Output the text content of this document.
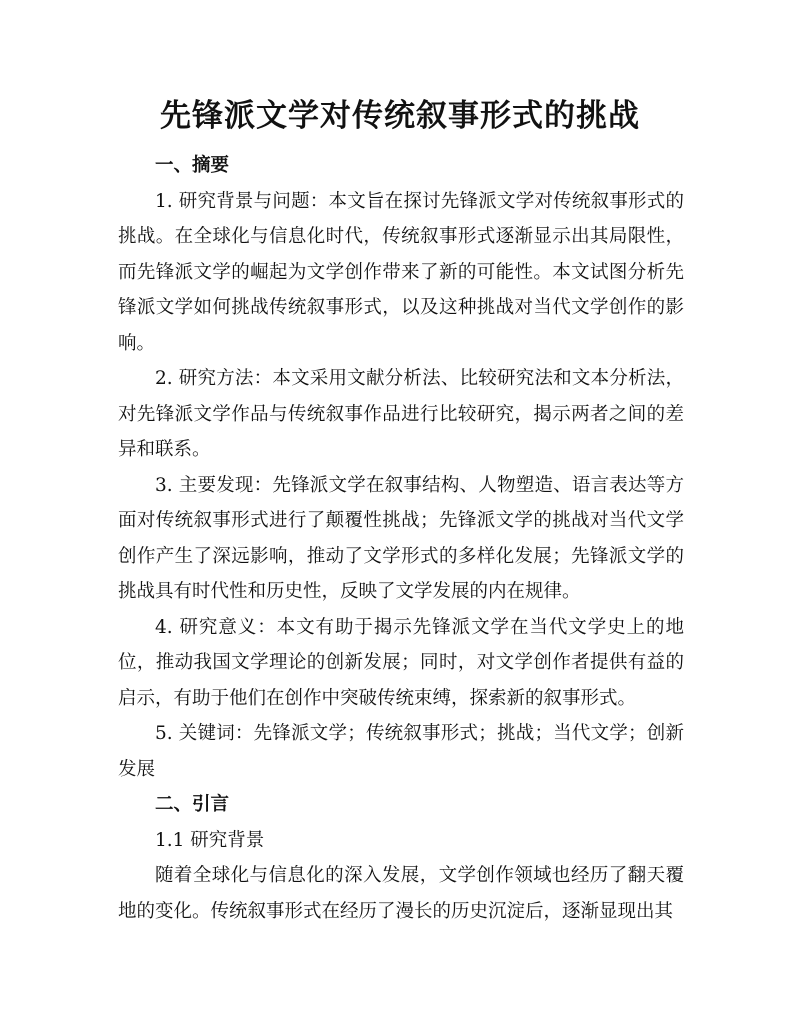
先锋派文学对传统叙事形式的挑战

一、摘要

1. 研究背景与问题：本文旨在探讨先锋派文学对传统叙事形式的挑战。在全球化与信息化时代，传统叙事形式逐渐显示出其局限性，而先锋派文学的崛起为文学创作带来了新的可能性。本文试图分析先锋派文学如何挑战传统叙事形式，以及这种挑战对当代文学创作的影响。

2. 研究方法：本文采用文献分析法、比较研究法和文本分析法，对先锋派文学作品与传统叙事作品进行比较研究，揭示两者之间的差异和联系。

3. 主要发现：先锋派文学在叙事结构、人物塑造、语言表达等方面对传统叙事形式进行了颠覆性挑战；先锋派文学的挑战对当代文学创作产生了深远影响，推动了文学形式的多样化发展；先锋派文学的挑战具有时代性和历史性，反映了文学发展的内在规律。

4. 研究意义：本文有助于揭示先锋派文学在当代文学史上的地位，推动我国文学理论的创新发展；同时，对文学创作者提供有益的启示，有助于他们在创作中突破传统束缚，探索新的叙事形式。

5. 关键词：先锋派文学；传统叙事形式；挑战；当代文学；创新发展

二、引言

1.1 研究背景

随着全球化与信息化的深入发展，文学创作领域也经历了翻天覆地的变化。传统叙事形式在经历了漫长的历史沉淀后，逐渐显现出其
